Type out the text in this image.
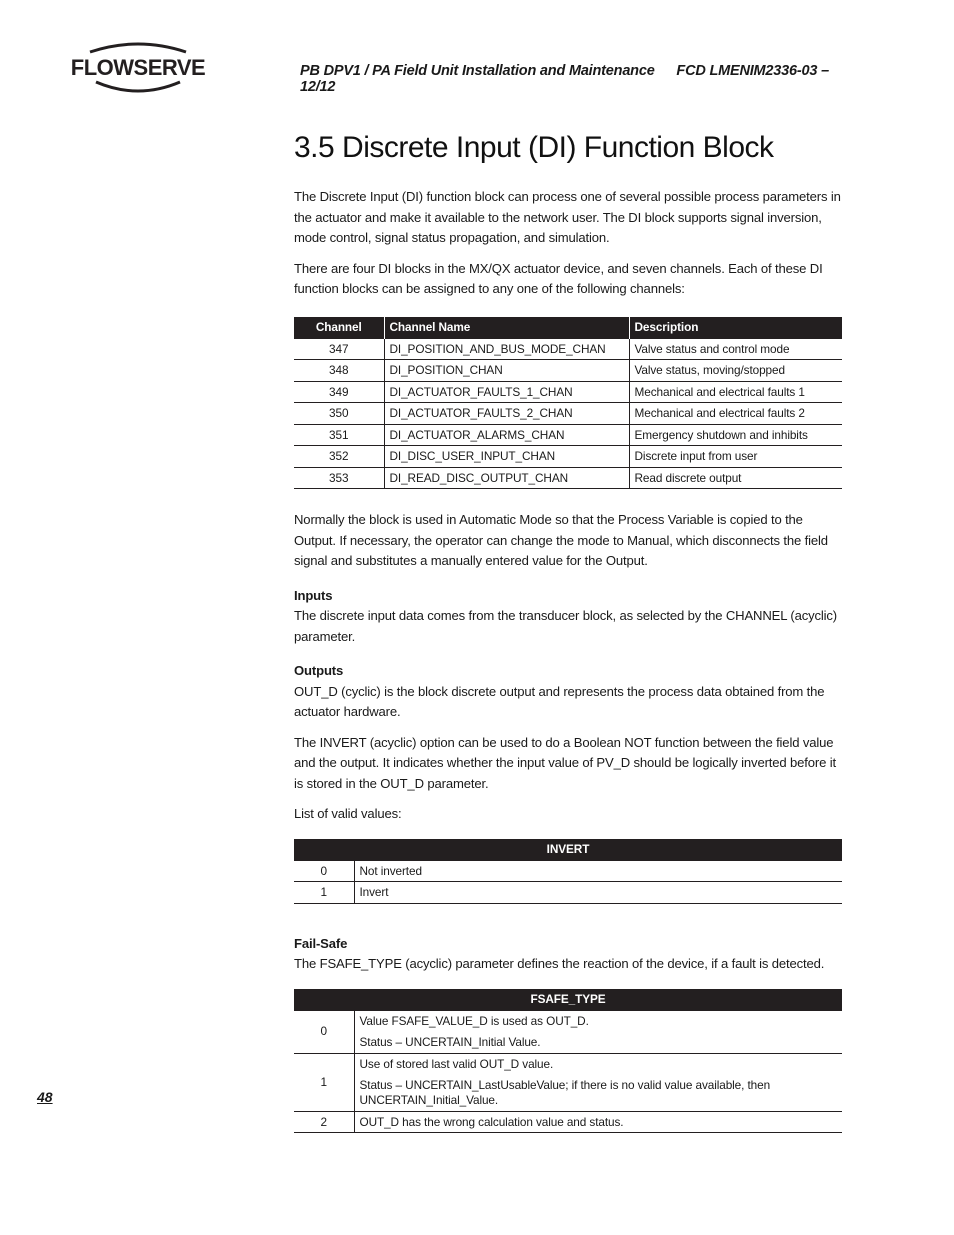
FLOWSERVE	PB DPV1 / PA Field Unit Installation and Maintenance FCD LMENIM2336-03 – 12/12
3.5 Discrete Input (DI) Function Block

The Discrete Input (DI) function block can process one of several possible process parameters in the actuator and make it available to the network user. The DI block supports signal inversion, mode control, signal status propagation, and simulation.

There are four DI blocks in the MX/QX actuator device, and seven channels. Each of these DI function blocks can be assigned to any one of the following channels:

Channel	Channel Name	Description
347	DI_POSITION_AND_BUS_MODE_CHAN	Valve status and control mode
348	DI_POSITION_CHAN	Valve status, moving/stopped
349	DI_ACTUATOR_FAULTS_1_CHAN	Mechanical and electrical faults 1
350	DI_ACTUATOR_FAULTS_2_CHAN	Mechanical and electrical faults 2
351	DI_ACTUATOR_ALARMS_CHAN	Emergency shutdown and inhibits
352	DI_DISC_USER_INPUT_CHAN	Discrete input from user
353	DI_READ_DISC_OUTPUT_CHAN	Read discrete output

Normally the block is used in Automatic Mode so that the Process Variable is copied to the Output. If necessary, the operator can change the mode to Manual, which disconnects the field signal and substitutes a manually entered value for the Output.

Inputs

The discrete input data comes from the transducer block, as selected by the CHANNEL (acyclic) parameter.

Outputs

OUT_D (cyclic) is the block discrete output and represents the process data obtained from the actuator hardware.

The INVERT (acyclic) option can be used to do a Boolean NOT function between the field value and the output. It indicates whether the input value of PV_D should be logically inverted before it is stored in the OUT_D parameter.

List of valid values:

INVERT	
0	Not inverted
1	Invert

Fail-Safe

The FSAFE_TYPE (acyclic) parameter defines the reaction of the device, if a fault is detected.

FSAFE_TYPE	
0	Value FSAFE_VALUE_D is used as OUT_D.
Status – UNCERTAIN_Initial Value.

1	Use of stored last valid OUT_D value.
Status – UNCERTAIN_LastUsableValue; if there is no valid value available, then UNCERTAIN_Initial_Value.

2	OUT_D has the wrong calculation value and status.
48
